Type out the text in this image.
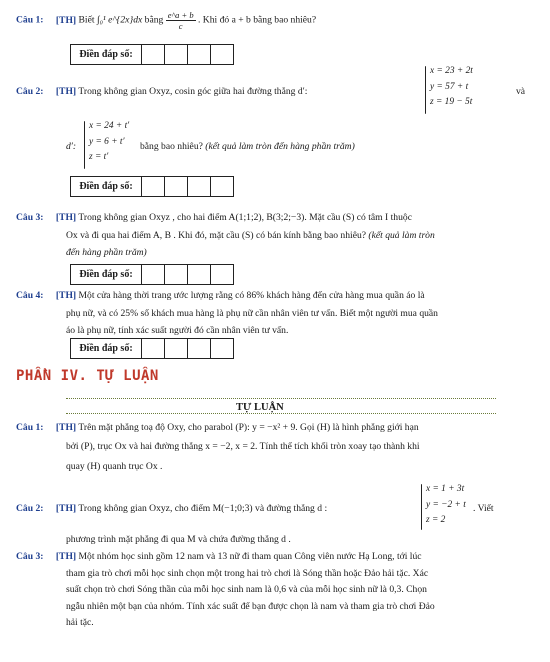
Câu 1: [TH] Biết ∫₀¹ e^{2x}dx bằng $\frac{e\^{}a + b}{c}$ . Khi đó a + b bằng bao nhiêu?
Điền đáp số:
Câu 2: [TH] Trong không gian Oxyz, cosin góc giữa hai đường thẳng d′:
x = 23 + 2t
y = 57 + t
z = 19 − 5t
và
d′:
x = 24 + t′
y = 6 + t′
z = t′
bằng bao nhiêu? (kết quả làm tròn đến hàng phần trăm)
Điền đáp số:
Câu 3: [TH] Trong không gian Oxyz , cho hai điểm A(1;1;2), B(3;2;−3). Mặt cầu (S) có tâm I thuộc
Ox và đi qua hai điểm A, B . Khi đó, mặt cầu (S) có bán kính bằng bao nhiêu? (kết quả làm tròn
đến hàng phần trăm)
Điền đáp số:
Câu 4: [TH] Một cửa hàng thời trang ước lượng rằng có 86% khách hàng đến cửa hàng mua quần áo là
phụ nữ, và có 25% số khách mua hàng là phụ nữ cần nhân viên tư vấn. Biết một người mua quần
áo là phụ nữ, tính xác suất người đó cần nhân viên tư vấn.
Điền đáp số:
PHẦN IV. TỰ LUẬN
TỰ LUẬN
Câu 1: [TH] Trên mặt phẳng toạ độ Oxy, cho parabol (P): y = −x² + 9. Gọi (H) là hình phẳng giới hạn
bởi (P), trục Ox và hai đường thẳng x = −2, x = 2. Tính thể tích khối tròn xoay tạo thành khi
quay (H) quanh trục Ox .
Câu 2: [TH] Trong không gian Oxyz, cho điểm M(−1;0;3) và đường thẳng d :
x = 1 + 3t
y = −2 + t
z = 2
. Viết
phương trình mặt phẳng đi qua M và chứa đường thẳng d .
Câu 3: [TH] Một nhóm học sinh gồm 12 nam và 13 nữ đi tham quan Công viên nước Hạ Long, tới lúc
tham gia trò chơi mỗi học sinh chọn một trong hai trò chơi là Sóng thần hoặc Đảo hải tặc. Xác
suất chọn trò chơi Sóng thần của mỗi học sinh nam là 0,6 và của mỗi học sinh nữ là 0,3. Chọn
ngẫu nhiên một bạn của nhóm. Tính xác suất để bạn được chọn là nam và tham gia trò chơi Đảo
hải tặc.
